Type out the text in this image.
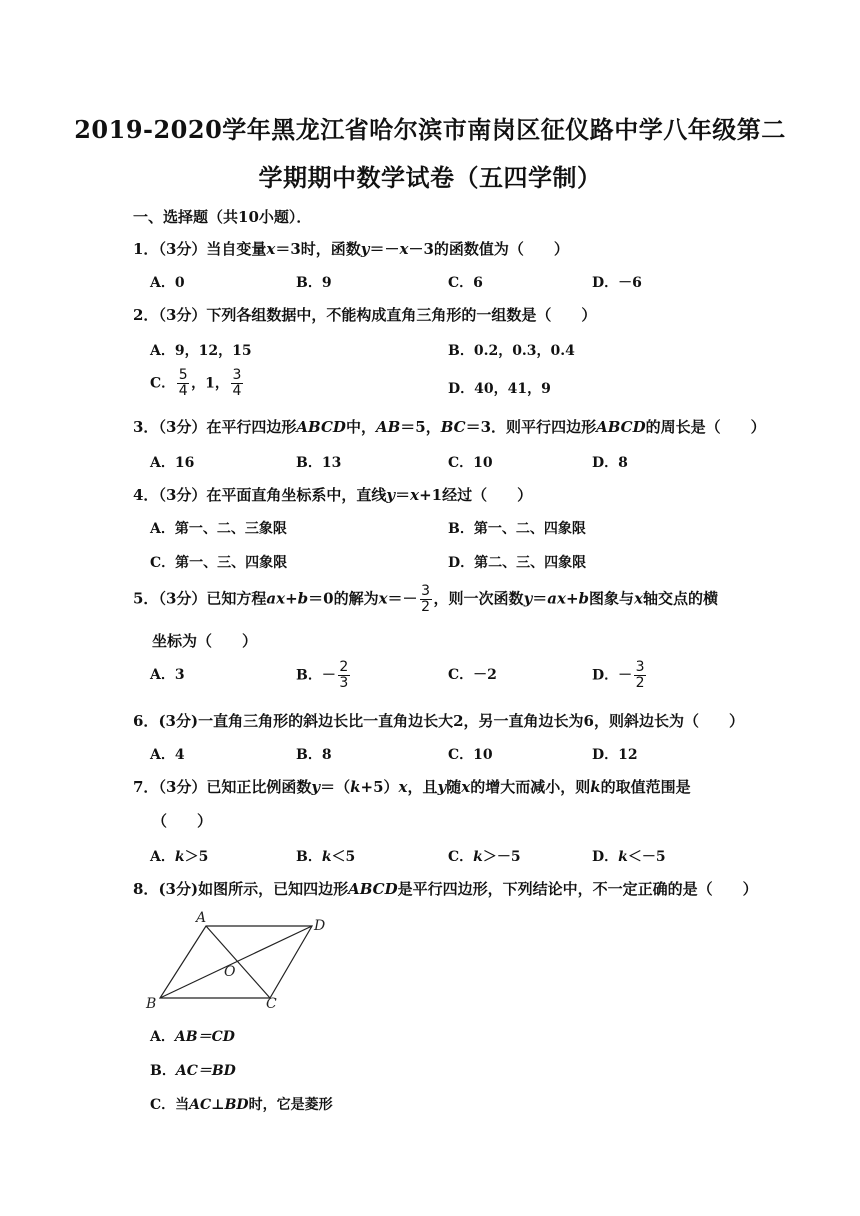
2019-2020学年黑龙江省哈尔滨市南岗区征仪路中学八年级第二
学期期中数学试卷（五四学制）
一、选择题（共10小题）．
1．（3分）当自变量x＝3时，函数y＝－x－3的函数值为（　　）
A．0	B．9	C．6	D．－6
2．（3分）下列各组数据中，不能构成直角三角形的一组数是（　　）
A．9，12，15	B．0.2，0.3，0.4
C． $\frac{5}{4}$ ，1， $\frac{3}{4}$	D．40，41，9
3．（3分）在平行四边形ABCD中，AB＝5，BC＝3．则平行四边形ABCD的周长是（　　）
A．16	B．13	C．10	D．8
4．（3分）在平面直角坐标系中，直线y＝x+1经过（　　）
A．第一、二、三象限	B．第一、二、四象限
C．第一、三、四象限	D．第二、三、四象限
5．（3分）已知方程ax+b＝0的解为$x=- \frac{3}{2}$ ，则一次函数y＝ax+b图象与x轴交点的横
坐标为（　　）
A．3	B．－ $\frac{2}{3}$	C．－2	D．－ $\frac{3}{2}$
6．(3分)一直角三角形的斜边长比一直角边长大2，另一直角边长为6，则斜边长为（　　）
A．4	B．8	C．10	D．12
7．（3分）已知正比例函数y＝（k+5）x，且y随x的增大而减小，则k的取值范围是
（　　）
A．k＞5	B．k＜5	C．k＞－5	D．k＜－5
8．(3分)如图所示，已知四边形ABCD是平行四边形，下列结论中，不一定正确的是（　　）
A	D
O
B	C
A．AB＝CD
B．AC＝BD
C．当AC⊥BD时，它是菱形
